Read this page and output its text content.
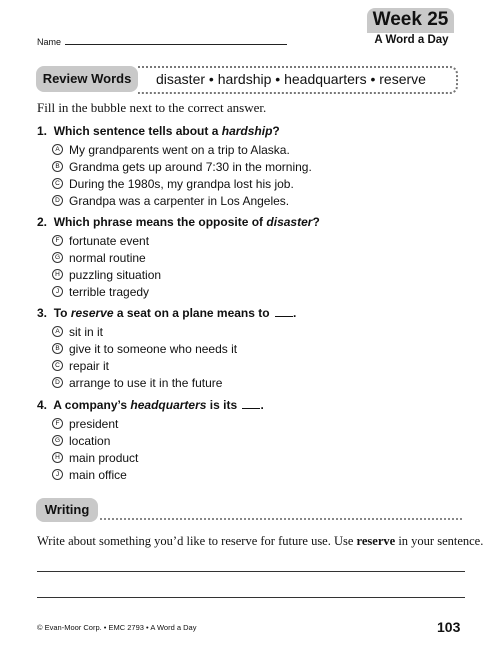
Name
Week 25
A Word a Day
Review Words	disaster • hardship • headquarters • reserve
Fill in the bubble next to the correct answer.
1. Which sentence tells about a hardship?
A My grandparents went on a trip to Alaska.
B Grandma gets up around 7:30 in the morning.
C During the 1980s, my grandpa lost his job.
D Grandpa was a carpenter in Los Angeles.
2. Which phrase means the opposite of disaster?
F fortunate event
G normal routine
H puzzling situation
J terrible tragedy
3. To reserve a seat on a plane means to .
A sit in it
B give it to someone who needs it
C repair it
D arrange to use it in the future
4. A company’s headquarters is its .
F president
G location
H main product
J main office
Writing
Write about something you’d like to reserve for future use. Use reserve in your sentence.
© Evan-Moor Corp. • EMC 2793 • A Word a Day	103
